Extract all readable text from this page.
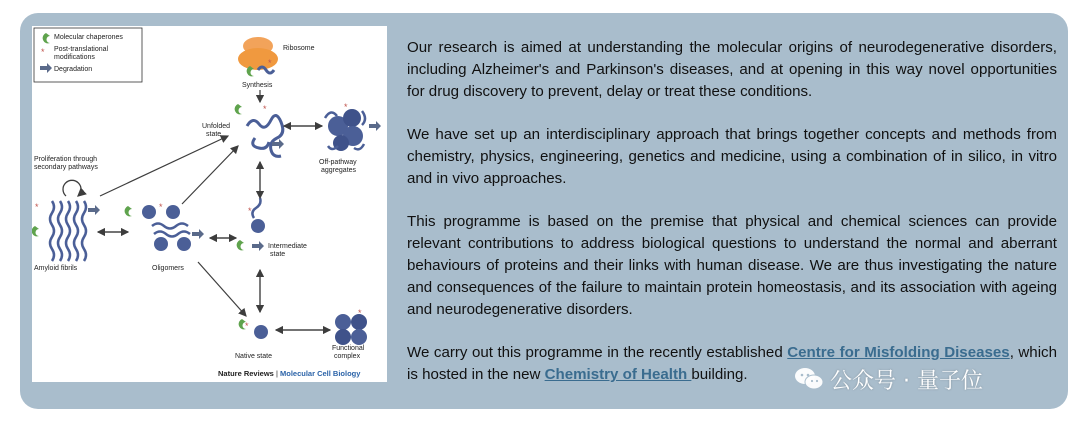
Molecular chaperones
* Post-translational
modifications
Degradation
Ribosome
*
Synthesis
*
Unfolded
state
*
Off-pathway
aggregates
Proliferation through
secondary pathways
*
Amyloid fibrils
*
Oligomers
*
Intermediate
state
*
Native state
*
Functional
complex
Nature Reviews | Molecular Cell Biology

Our research is aimed at understanding the molecular origins of neurodegenerative disorders, including Alzheimer's and Parkinson's diseases, and at opening in this way novel opportunities for drug discovery to prevent, delay or treat these conditions.

We have set up an interdisciplinary approach that brings together concepts and methods from chemistry, physics, engineering, genetics and medicine, using a combination of in silico, in vitro and in vivo approaches.

This programme is based on the premise that physical and chemical sciences can provide relevant contributions to address biological questions to understand the normal and aberrant behaviours of proteins and their links with human disease. We are thus investigating the nature and consequences of the failure to maintain protein homeostasis, and its association with ageing and neurodegenerative disorders.

We carry out this programme in the recently established Centre for Misfolding Diseases, which is hosted in the new Chemistry of Health building.	公众号 · 量子位
